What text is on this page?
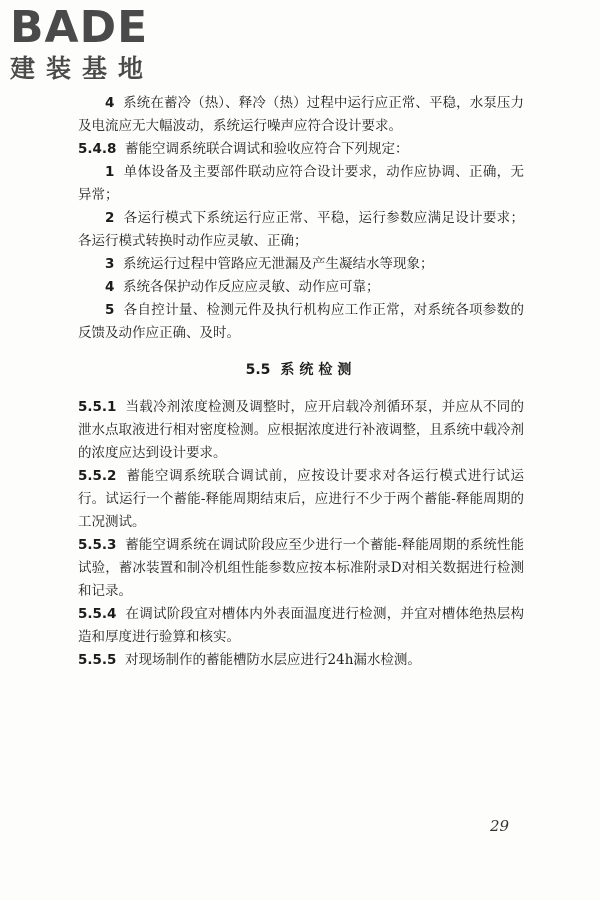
BADE
建装基地

4 系统在蓄冷（热）、释冷（热）过程中运行应正常、平稳，水泵压力及电流应无大幅波动，系统运行噪声应符合设计要求。

5.4.8 蓄能空调系统联合调试和验收应符合下列规定：

1 单体设备及主要部件联动应符合设计要求，动作应协调、正确，无异常；

2 各运行模式下系统运行应正常、平稳，运行参数应满足设计要求；各运行模式转换时动作应灵敏、正确；

3 系统运行过程中管路应无泄漏及产生凝结水等现象；

4 系统各保护动作反应应灵敏、动作应可靠；

5 各自控计量、检测元件及执行机构应工作正常，对系统各项参数的反馈及动作应正确、及时。

5.5 系统检测

5.5.1 当载冷剂浓度检测及调整时，应开启载冷剂循环泵，并应从不同的泄水点取液进行相对密度检测。应根据浓度进行补液调整，且系统中载冷剂的浓度应达到设计要求。

5.5.2 蓄能空调系统联合调试前，应按设计要求对各运行模式进行试运行。试运行一个蓄能-释能周期结束后，应进行不少于两个蓄能-释能周期的工况测试。

5.5.3 蓄能空调系统在调试阶段应至少进行一个蓄能-释能周期的系统性能试验，蓄冰装置和制冷机组性能参数应按本标准附录D对相关数据进行检测和记录。

5.5.4 在调试阶段宜对槽体内外表面温度进行检测，并宜对槽体绝热层构造和厚度进行验算和核实。

5.5.5 对现场制作的蓄能槽防水层应进行24h漏水检测。

29
